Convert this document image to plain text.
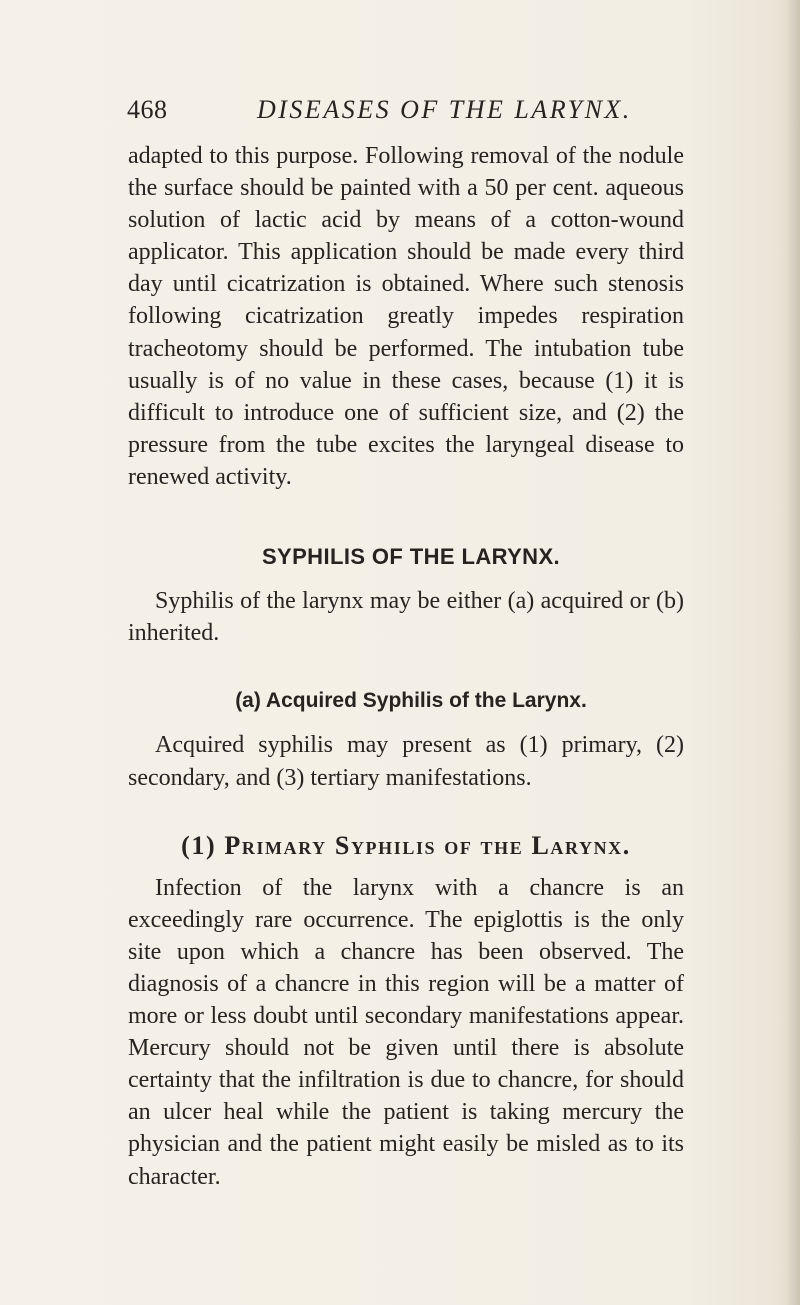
468	DISEASES OF THE LARYNX.

adapted to this purpose. Following removal of the nodule the surface should be painted with a 50 per cent. aqueous solution of lactic acid by means of a cotton-wound applicator. This application should be made every third day until cicatrization is obtained. Where such stenosis following cicatrization greatly impedes respiration tracheotomy should be performed. The intubation tube usually is of no value in these cases, because (1) it is difficult to introduce one of sufficient size, and (2) the pressure from the tube excites the laryngeal disease to renewed activity.

SYPHILIS OF THE LARYNX.

Syphilis of the larynx may be either (a) acquired or (b) inherited.

(a) Acquired Syphilis of the Larynx.

Acquired syphilis may present as (1) primary, (2) secondary, and (3) tertiary manifestations.

(1) Primary Syphilis of the Larynx.

Infection of the larynx with a chancre is an exceedingly rare occurrence. The epiglottis is the only site upon which a chancre has been observed. The diagnosis of a chancre in this region will be a matter of more or less doubt until secondary manifestations appear. Mercury should not be given until there is absolute certainty that the infiltration is due to chancre, for should an ulcer heal while the patient is taking mercury the physician and the patient might easily be misled as to its character.
